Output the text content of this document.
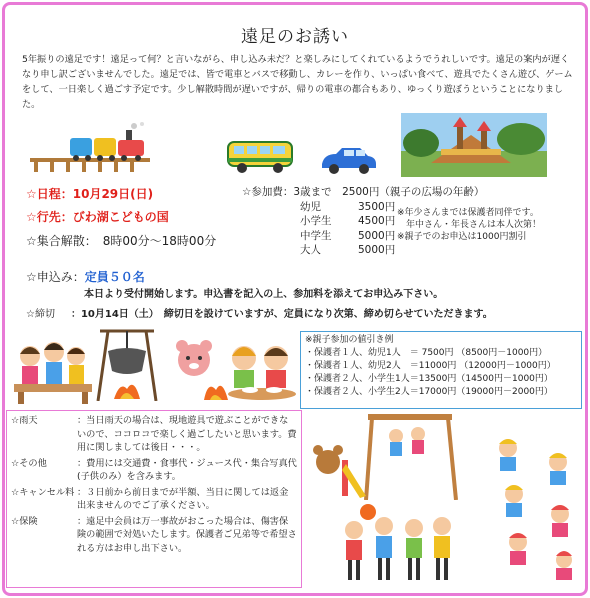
遠足のお誘い
5年振りの遠足です！遠足って何？と言いながら、申し込み未だ？と楽しみにしてくれているようでうれしいです。遠足の案内が遅くなり申し訳ございませんでした。遠足では、皆で電車とバスで移動し、カレーを作り、いっぱい食べて、遊具でたくさん遊び、ゲームをして、一日楽しく過ごす予定です。少し解散時間が遅いですが、帰りの電車の都合もあり、ゆっくり遊ぼうということになりました。
☆日程：10月29日(日)
☆行先：びわ湖こどもの国
☆集合解散：　8時00分～18時00分
☆参加費：3歳まで　2500円（親子の広場の年齢）
幼児	3500円
小学生	4500円
中学生	5000円
大人	5000円
※年少さんまでは保護者同伴です。
　年中さん・年長さんは本人次第！
※親子でのお申込は1000円割引
☆申込み：定員５０名
本日より受付開始します。申込書を記入の上、参加料を添えてお申込み下さい。
☆締切 ：10月14日（土）　締切日を設けていますが、定員になり次第、締め切らせていただきます。
※親子参加の値引き例
・保護者１人、幼児1人　＝ 7500円 （8500円－1000円）
・保護者１人、幼児2人　＝11000円 （12000円－1000円）
・保護者２人、小学生1人＝13500円（14500円－1000円）
・保護者２人、小学生2人＝17000円（19000円－2000円）
☆雨天	：当日雨天の場合は、現地遊具で遊ぶことができないので、ココロコで楽しく過ごしたいと思います。費用に関しましては後日・・・。
☆その他	：費用には交通費・食事代・ジュース代・集合写真代(子供のみ）を含みます。
☆キャンセル料 ：３日前から前日までが半額、当日に関しては返金出来ませんのでご了承ください。
☆保険	：遠足中会員は万一事故がおこった場合は、傷害保険の範囲で対処いたします。保護者ご兄弟等で希望される方はお申し出下さい。
